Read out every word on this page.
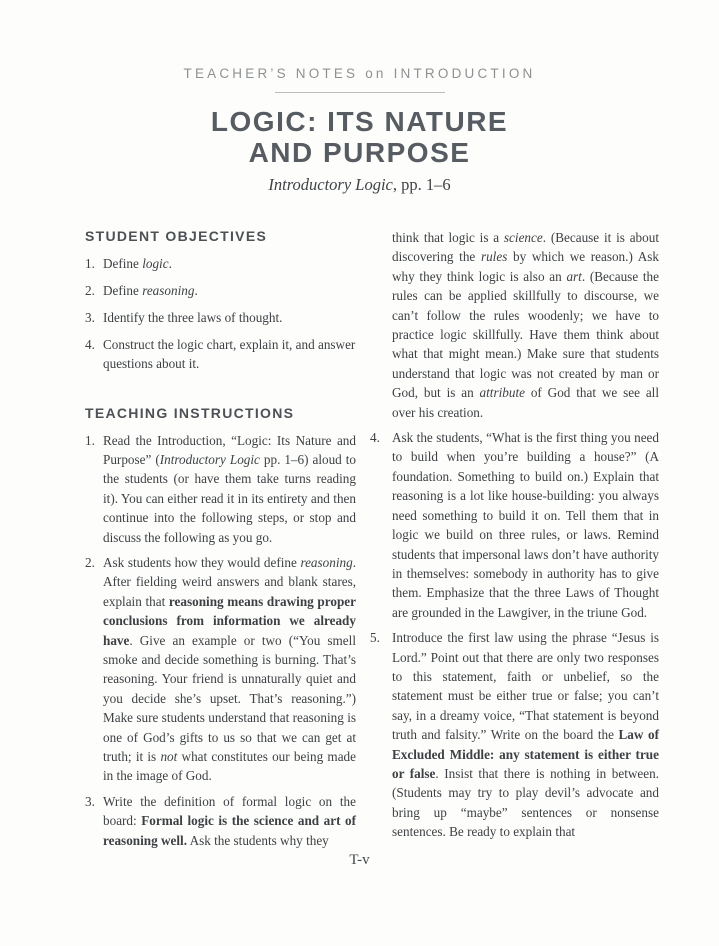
TEACHER’S NOTES on INTRODUCTION
LOGIC: ITS NATURE
AND PURPOSE
Introductory Logic, pp. 1–6
STUDENT OBJECTIVES
1. Define logic.
2. Define reasoning.
3. Identify the three laws of thought.
4. Construct the logic chart, explain it, and answer questions about it.
TEACHING INSTRUCTIONS
1. Read the Introduction, “Logic: Its Nature and Purpose” (Introductory Logic pp. 1–6) aloud to the students (or have them take turns reading it). You can either read it in its entirety and then continue into the following steps, or stop and discuss the following as you go.
2. Ask students how they would define reasoning. After fielding weird answers and blank stares, explain that reasoning means drawing proper conclusions from information we already have. Give an example or two (“You smell smoke and decide something is burning. That’s reasoning. Your friend is unnaturally quiet and you decide she’s upset. That’s reasoning.”) Make sure students understand that reasoning is one of God’s gifts to us so that we can get at truth; it is not what constitutes our being made in the image of God.
3. Write the definition of formal logic on the board: Formal logic is the science and art of reasoning well. Ask the students why they
think that logic is a science. (Because it is about discovering the rules by which we reason.) Ask why they think logic is also an art. (Because the rules can be applied skillfully to discourse, we can’t follow the rules woodenly; we have to practice logic skillfully. Have them think about what that might mean.) Make sure that students understand that logic was not created by man or God, but is an attribute of God that we see all over his creation.
4. Ask the students, “What is the first thing you need to build when you’re building a house?” (A foundation. Something to build on.) Explain that reasoning is a lot like house-building: you always need something to build it on. Tell them that in logic we build on three rules, or laws. Remind students that impersonal laws don’t have authority in themselves: somebody in authority has to give them. Emphasize that the three Laws of Thought are grounded in the Lawgiver, in the triune God.
5. Introduce the first law using the phrase “Jesus is Lord.” Point out that there are only two responses to this statement, faith or unbelief, so the statement must be either true or false; you can’t say, in a dreamy voice, “That statement is beyond truth and falsity.” Write on the board the Law of Excluded Middle: any statement is either true or false. Insist that there is nothing in between. (Students may try to play devil’s advocate and bring up “maybe” sentences or nonsense sentences. Be ready to explain that
T-v
